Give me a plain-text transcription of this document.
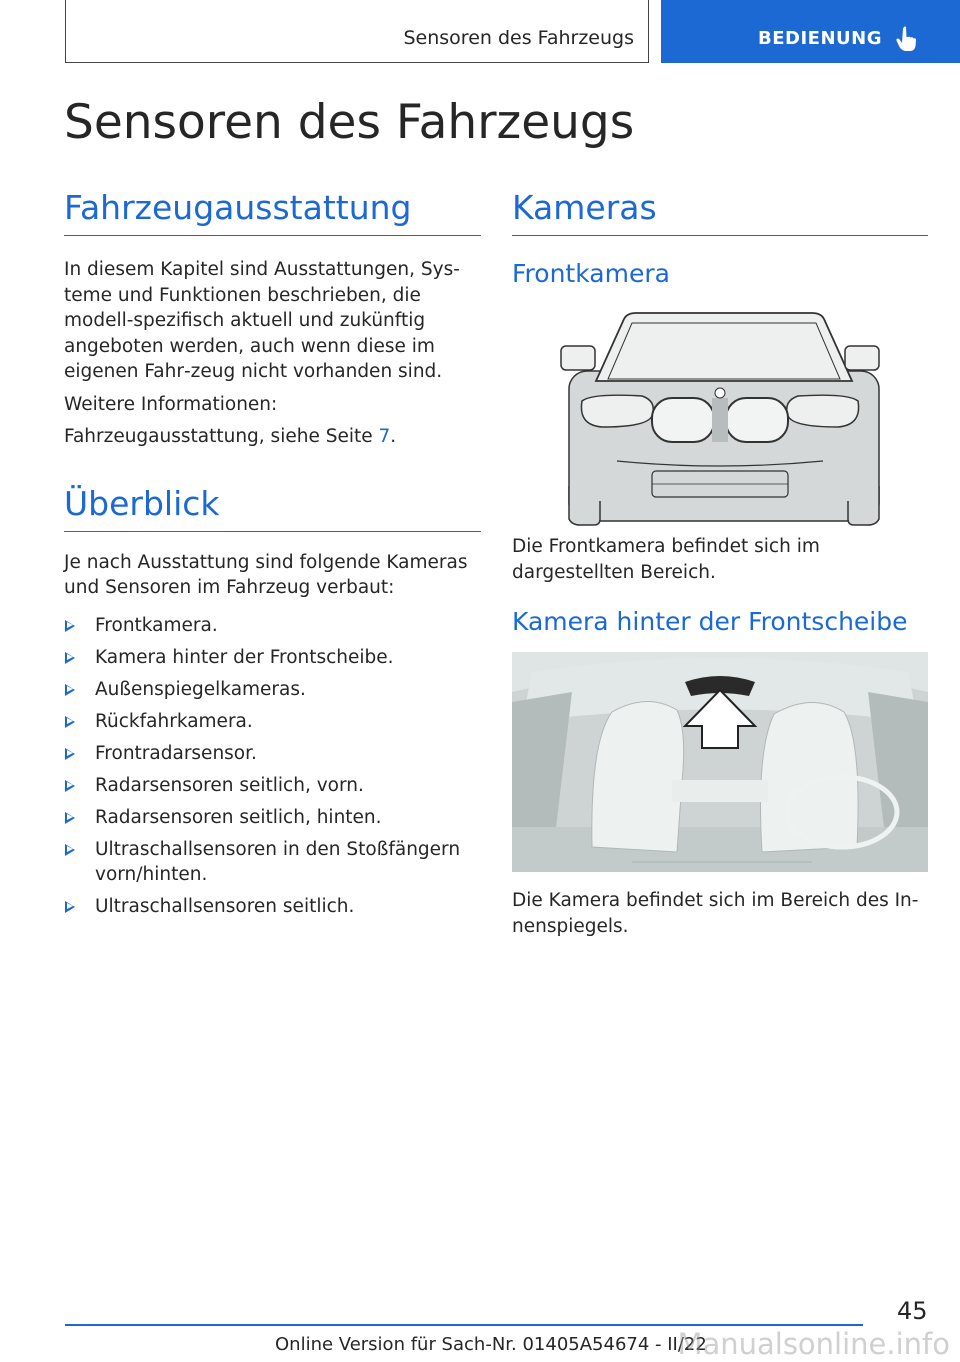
Sensoren des Fahrzeugs	BEDIENUNG
Sensoren des Fahrzeugs
Fahrzeugausstattung

In diesem Kapitel sind Ausstattungen, Sys‐teme und Funktionen beschrieben, die modell‐spezifisch aktuell und zukünftig angeboten werden, auch wenn diese im eigenen Fahr‐zeug nicht vorhanden sind.

Weitere Informationen:

Fahrzeugausstattung, siehe Seite 7.

Überblick

Je nach Ausstattung sind folgende Kameras und Sensoren im Fahrzeug verbaut:

Frontkamera.
Kamera hinter der Frontscheibe.
Außenspiegelkameras.
Rückfahrkamera.
Frontradarsensor.
Radarsensoren seitlich, vorn.
Radarsensoren seitlich, hinten.
Ultraschallsensoren in den Stoßfängern vorn/hinten.
Ultraschallsensoren seitlich.
Kameras
Frontkamera

Die Frontkamera befindet sich im dargestellten Bereich.

Kamera hinter der Frontscheibe

Die Kamera befindet sich im Bereich des In‐nenspiegels.

45
Online Version für Sach-Nr. 01405A54674 - II/22
Manualsonline.info
